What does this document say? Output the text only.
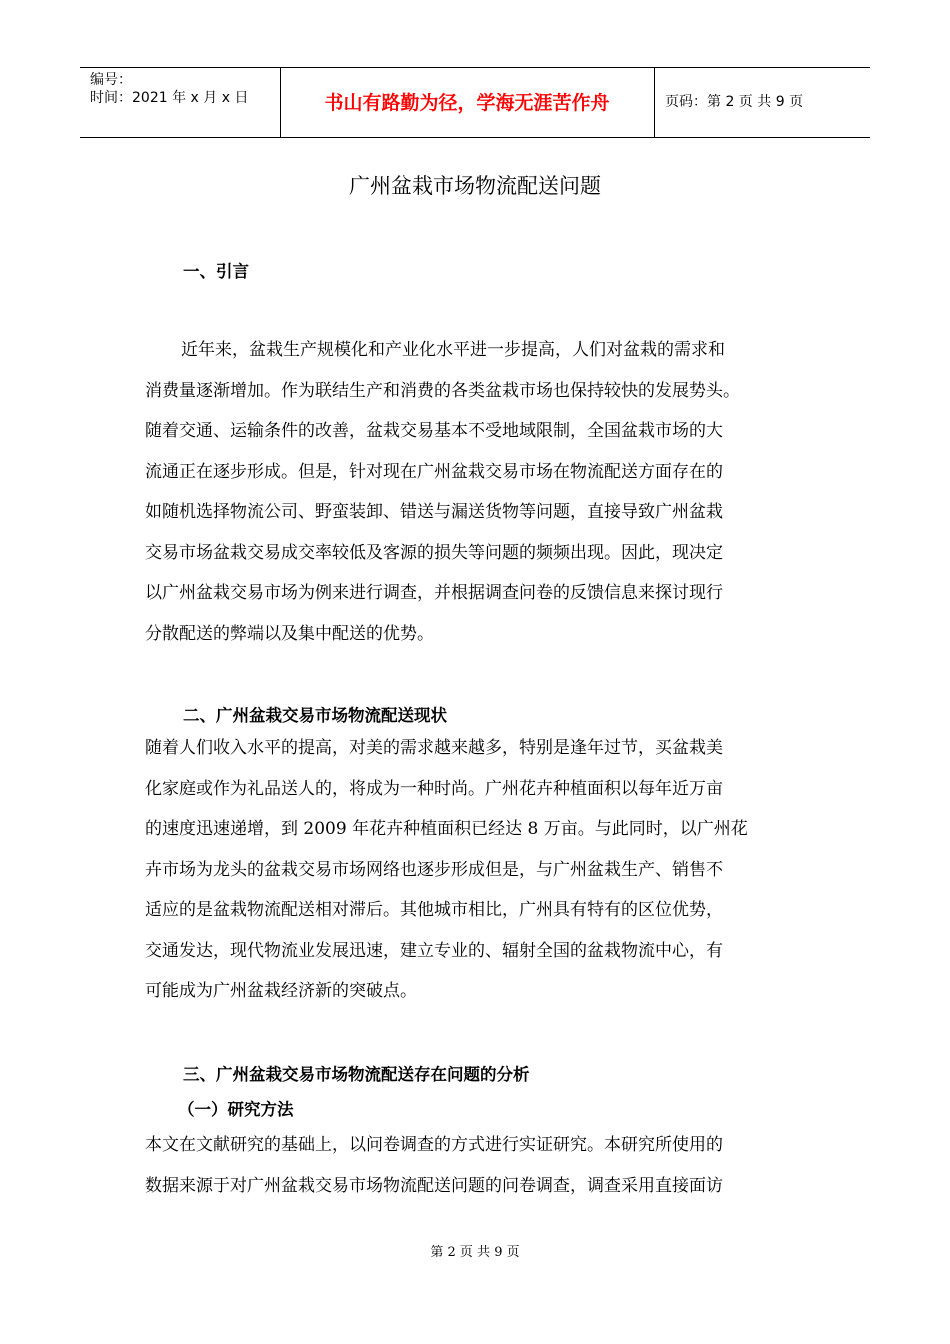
编号：
时间：2021 年 x 月 x 日	书山有路勤为径，学海无涯苦作舟	页码：第 2 页 共 9 页
广州盆栽市场物流配送问题
一、引言
近年来，盆栽生产规模化和产业化水平进一步提高，人们对盆栽的需求和
消费量逐渐增加。作为联结生产和消费的各类盆栽市场也保持较快的发展势头。
随着交通、运输条件的改善，盆栽交易基本不受地域限制，全国盆栽市场的大
流通正在逐步形成。但是，针对现在广州盆栽交易市场在物流配送方面存在的
如随机选择物流公司、野蛮装卸、错送与漏送货物等问题，直接导致广州盆栽
交易市场盆栽交易成交率较低及客源的损失等问题的频频出现。因此，现决定
以广州盆栽交易市场为例来进行调查，并根据调查问卷的反馈信息来探讨现行
分散配送的弊端以及集中配送的优势。
二、广州盆栽交易市场物流配送现状
随着人们收入水平的提高，对美的需求越来越多，特别是逢年过节，买盆栽美
化家庭或作为礼品送人的，将成为一种时尚。广州花卉种植面积以每年近万亩
的速度迅速递增，到 2009 年花卉种植面积已经达 8 万亩。与此同时，以广州花
卉市场为龙头的盆栽交易市场网络也逐步形成但是，与广州盆栽生产、销售不
适应的是盆栽物流配送相对滞后。其他城市相比，广州具有特有的区位优势，
交通发达，现代物流业发展迅速，建立专业的、辐射全国的盆栽物流中心，有
可能成为广州盆栽经济新的突破点。
三、广州盆栽交易市场物流配送存在问题的分析
（一）研究方法
本文在文献研究的基础上，以问卷调查的方式进行实证研究。本研究所使用的
数据来源于对广州盆栽交易市场物流配送问题的问卷调查，调查采用直接面访
第 2 页 共 9 页
